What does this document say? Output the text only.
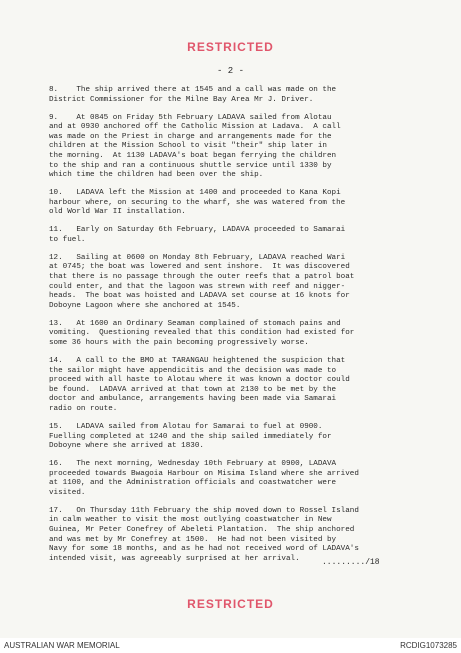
RESTRICTED
- 2 -

8.    The ship arrived there at 1545 and a call was made on the
District Commissioner for the Milne Bay Area Mr J. Driver.

9.    At 0845 on Friday 5th February LADAVA sailed from Alotau
and at 0930 anchored off the Catholic Mission at Ladava.  A call
was made on the Priest in charge and arrangements made for the
children at the Mission School to visit "their" ship later in
the morning.  At 1130 LADAVA's boat began ferrying the children
to the ship and ran a continuous shuttle service until 1330 by
which time the children had been over the ship.

10.   LADAVA left the Mission at 1400 and proceeded to Kana Kopi
harbour where, on securing to the wharf, she was watered from the
old World War II installation.

11.   Early on Saturday 6th February, LADAVA proceeded to Samarai
to fuel.

12.   Sailing at 0600 on Monday 8th February, LADAVA reached Wari
at 0745; the boat was lowered and sent inshore.  It was discovered
that there is no passage through the outer reefs that a patrol boat
could enter, and that the lagoon was strewn with reef and nigger-
heads.  The boat was hoisted and LADAVA set course at 16 knots for
Doboyne Lagoon where she anchored at 1545.

13.   At 1600 an Ordinary Seaman complained of stomach pains and
vomiting.  Questioning revealed that this condition had existed for
some 36 hours with the pain becoming progressively worse.

14.   A call to the BMO at TARANGAU heightened the suspicion that
the sailor might have appendicitis and the decision was made to
proceed with all haste to Alotau where it was known a doctor could
be found.  LADAVA arrived at that town at 2130 to be met by the
doctor and ambulance, arrangements having been made via Samarai
radio on route.

15.   LADAVA sailed from Alotau for Samarai to fuel at 0900.
Fuelling completed at 1240 and the ship sailed immediately for
Doboyne where she arrived at 1830.

16.   The next morning, Wednesday 10th February at 0900, LADAVA
proceeded towards Bwagoia Harbour on Misima Island where she arrived
at 1100, and the Administration officials and coastwatcher were
visited.

17.   On Thursday 11th February the ship moved down to Rossel Island
in calm weather to visit the most outlying coastwatcher in New
Guinea, Mr Peter Conefrey of Abeleti Plantation.  The ship anchored
and was met by Mr Conefrey at 1500.  He had not been visited by
Navy for some 18 months, and as he had not received word of LADAVA's
intended visit, was agreeably surprised at her arrival.	........./18
RESTRICTED
AUSTRALIAN WAR MEMORIAL	RCDIG1073285
